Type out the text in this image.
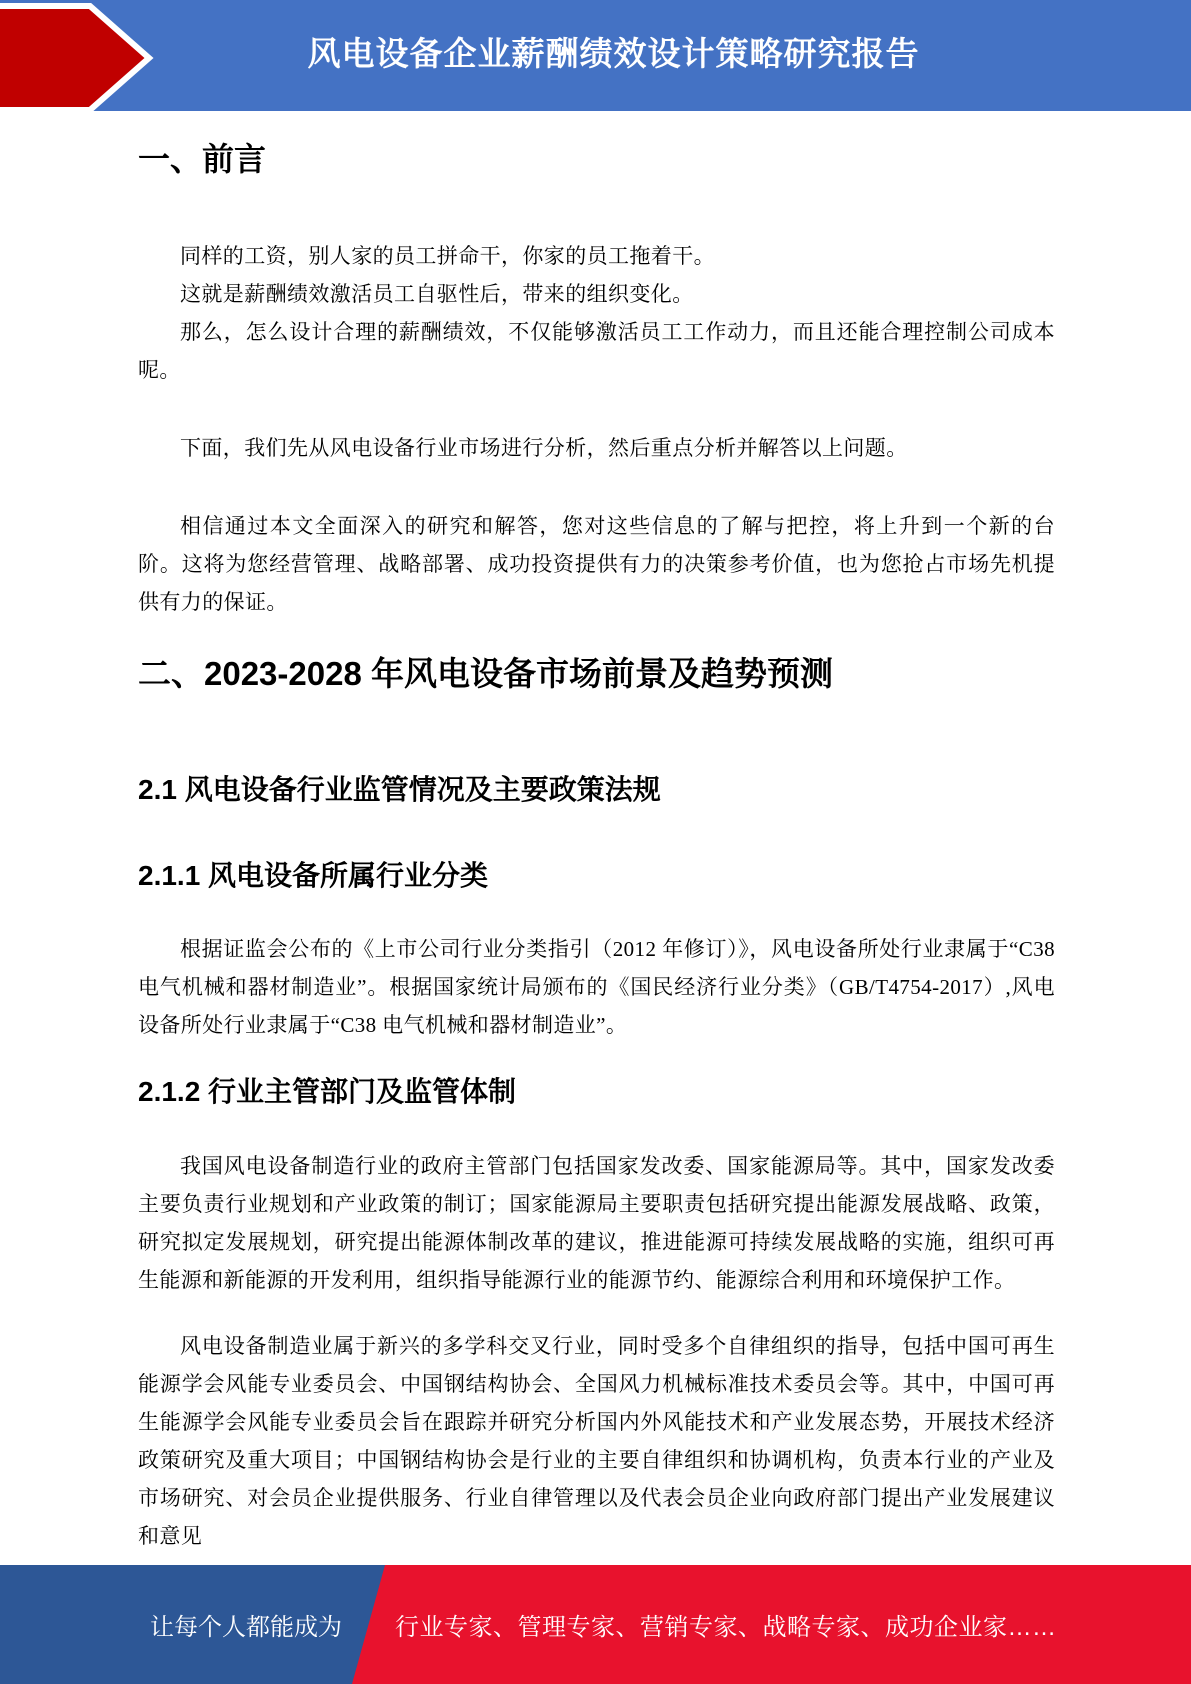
风电设备企业薪酬绩效设计策略研究报告
一、前言

同样的工资，别人家的员工拼命干，你家的员工拖着干。

这就是薪酬绩效激活员工自驱性后，带来的组织变化。

那么，怎么设计合理的薪酬绩效，不仅能够激活员工工作动力，而且还能合理控制公司成本呢。

下面，我们先从风电设备行业市场进行分析，然后重点分析并解答以上问题。

相信通过本文全面深入的研究和解答，您对这些信息的了解与把控，将上升到一个新的台阶。这将为您经营管理、战略部署、成功投资提供有力的决策参考价值，也为您抢占市场先机提供有力的保证。

二、2023-2028 年风电设备市场前景及趋势预测
2.1 风电设备行业监管情况及主要政策法规
2.1.1 风电设备所属行业分类

根据证监会公布的《上市公司行业分类指引（2012 年修订）》，风电设备所处行业隶属于“C38 电气机械和器材制造业”。根据国家统计局颁布的《国民经济行业分类》（GB/T4754-2017）,风电设备所处行业隶属于“C38 电气机械和器材制造业”。

2.1.2 行业主管部门及监管体制

我国风电设备制造行业的政府主管部门包括国家发改委、国家能源局等。其中，国家发改委主要负责行业规划和产业政策的制订；国家能源局主要职责包括研究提出能源发展战略、政策，研究拟定发展规划，研究提出能源体制改革的建议，推进能源可持续发展战略的实施，组织可再生能源和新能源的开发利用，组织指导能源行业的能源节约、能源综合利用和环境保护工作。

风电设备制造业属于新兴的多学科交叉行业，同时受多个自律组织的指导，包括中国可再生能源学会风能专业委员会、中国钢结构协会、全国风力机械标准技术委员会等。其中，中国可再生能源学会风能专业委员会旨在跟踪并研究分析国内外风能技术和产业发展态势，开展技术经济政策研究及重大项目；中国钢结构协会是行业的主要自律组织和协调机构，负责本行业的产业及市场研究、对会员企业提供服务、行业自律管理以及代表会员企业向政府部门提出产业发展建议和意见

让每个人都能成为 行业专家、管理专家、营销专家、战略专家、成功企业家……
